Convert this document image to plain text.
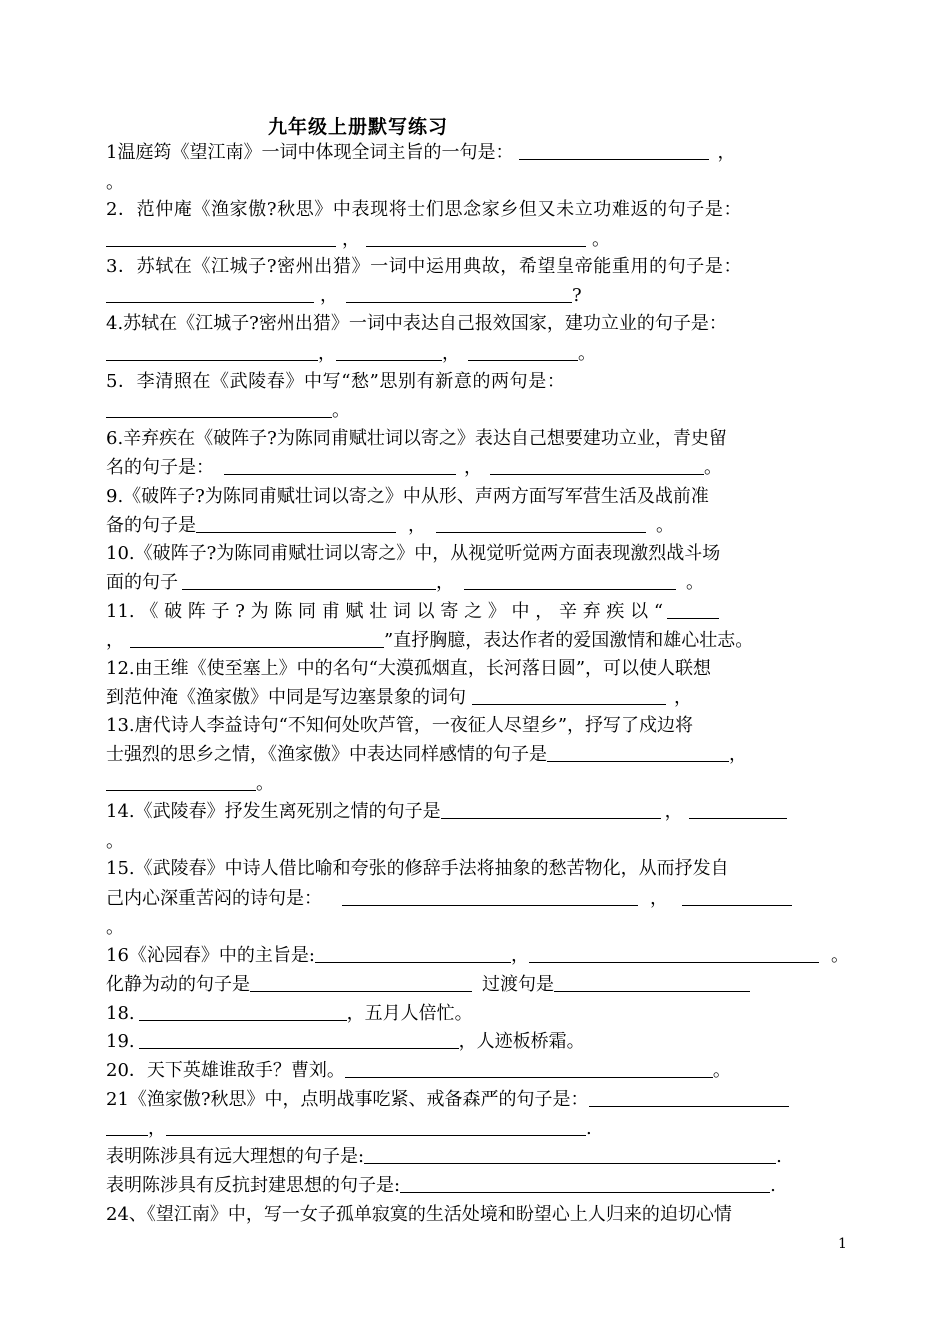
九年级上册默写练习
1温庭筠《望江南》一词中体现全词主旨的一句是：	，
。
2．范仲庵《渔家傲?秋思》中表现将士们思念家乡但又未立功难返的句子是：
，	。
3．苏轼在《江城子?密州出猎》一词中运用典故，希望皇帝能重用的句子是：
，	?
4.苏轼在《江城子?密州出猎》一词中表达自己报效国家，建功立业的句子是：
，	，	。
5．李清照在《武陵春》中写“愁”思别有新意的两句是：
。
6.辛弃疾在《破阵子?为陈同甫赋壮词以寄之》表达自己想要建功立业，青史留
名的句子是：	，	。
9.《破阵子?为陈同甫赋壮词以寄之》中从形、声两方面写军营生活及战前准
备的句子是	，	。
10.《破阵子?为陈同甫赋壮词以寄之》中，从视觉听觉两方面表现激烈战斗场
面的句子	，	。
11. 《 破 阵 子 ? 为 陈 同 甫 赋 壮 词 以 寄 之 》 中 ， 辛 弃 疾 以 “
，	”直抒胸臆，表达作者的爱国激情和雄心壮志。
12.由王维《使至塞上》中的名句“大漠孤烟直，长河落日圆”，可以使人联想
到范仲淹《渔家傲》中同是写边塞景象的词句	，
13.唐代诗人李益诗句“不知何处吹芦管，一夜征人尽望乡”，抒写了戍边将
士强烈的思乡之情，《渔家傲》中表达同样感情的句子是	，
。
14.《武陵春》抒发生离死别之情的句子是	，
。
15.《武陵春》中诗人借比喻和夸张的修辞手法将抽象的愁苦物化，从而抒发自
己内心深重苦闷的诗句是：	，
。
16《沁园春》中的主旨是:	，	。
化静为动的句子是	过渡句是
18.	，五月人倍忙。
19.	，人迹板桥霜。
20．天下英雄谁敌手？曹刘。	。
21《渔家傲?秋思》中，点明战事吃紧、戒备森严的句子是：
，	.
表明陈涉具有远大理想的句子是:	.
表明陈涉具有反抗封建思想的句子是:	.
24、《望江南》中，写一女子孤单寂寞的生活处境和盼望心上人归来的迫切心情
1
